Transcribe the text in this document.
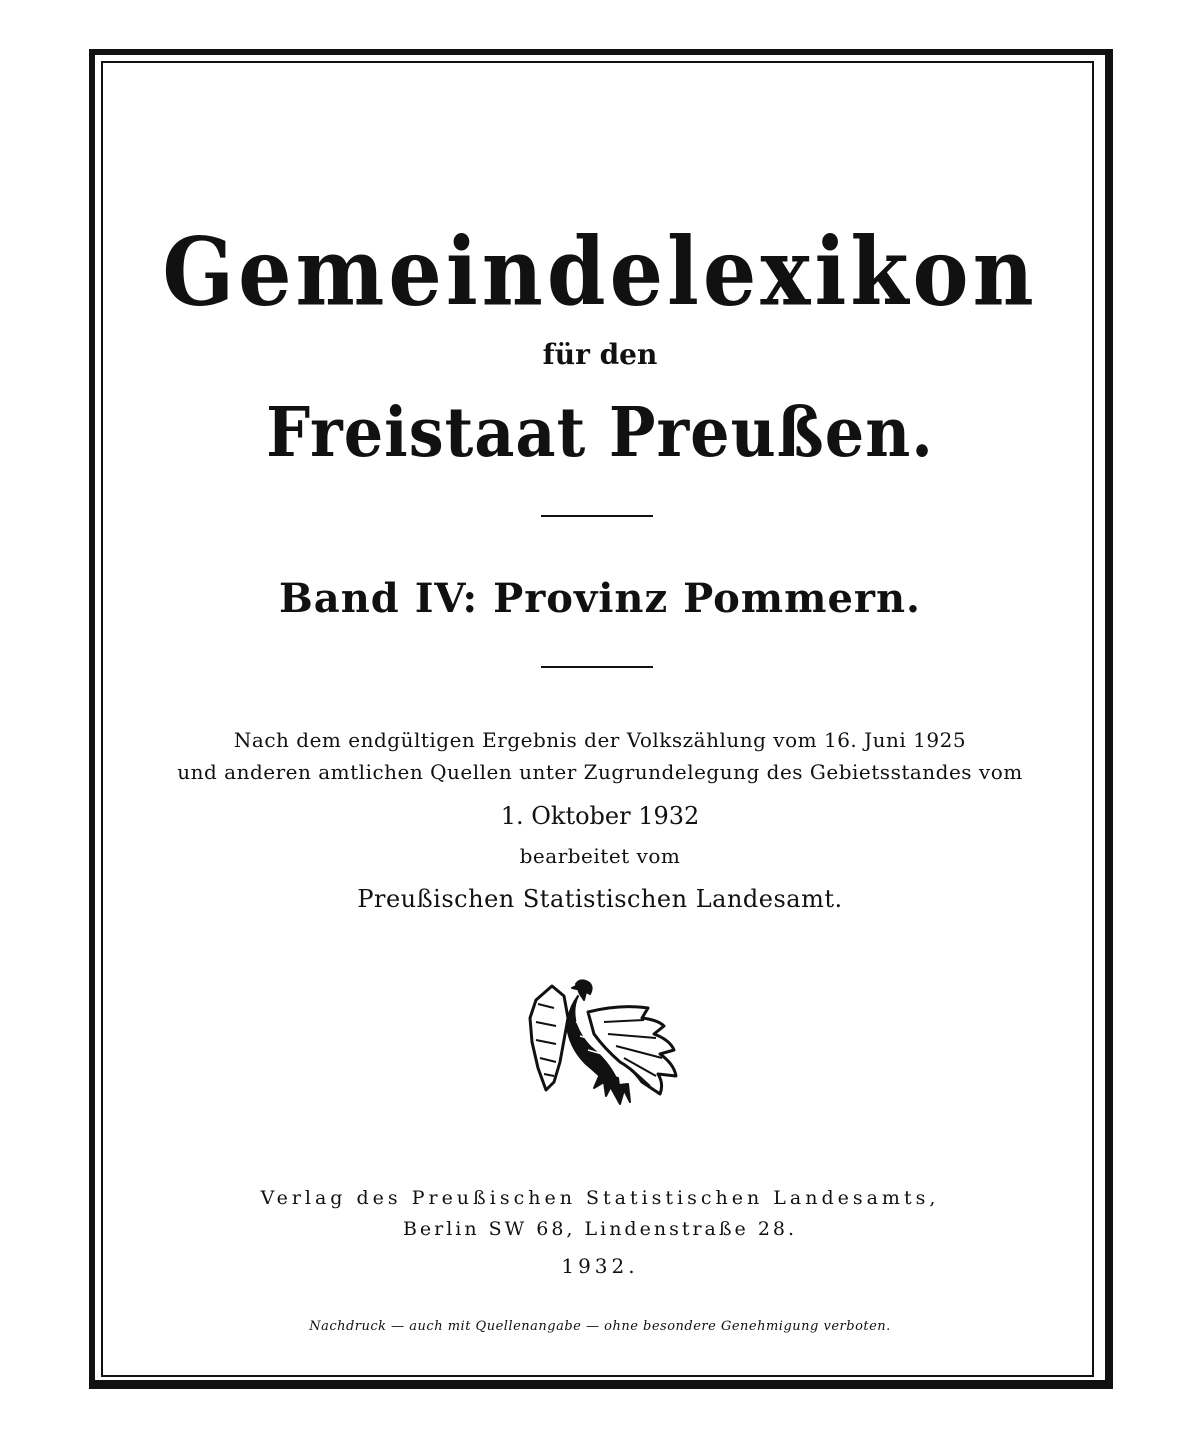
Gemeindelexikon
für den
Freistaat Preußen.
Band IV: Provinz Pommern.
Nach dem endgültigen Ergebnis der Volkszählung vom 16. Juni 1925
und anderen amtlichen Quellen unter Zugrundelegung des Gebietsstandes vom
1. Oktober 1932
bearbeitet vom
Preußischen Statistischen Landesamt.
Verlag des Preußischen Statistischen Landesamts,
Berlin SW 68, Lindenstraße 28.
1932.
Nachdruck — auch mit Quellenangabe — ohne besondere Genehmigung verboten.
